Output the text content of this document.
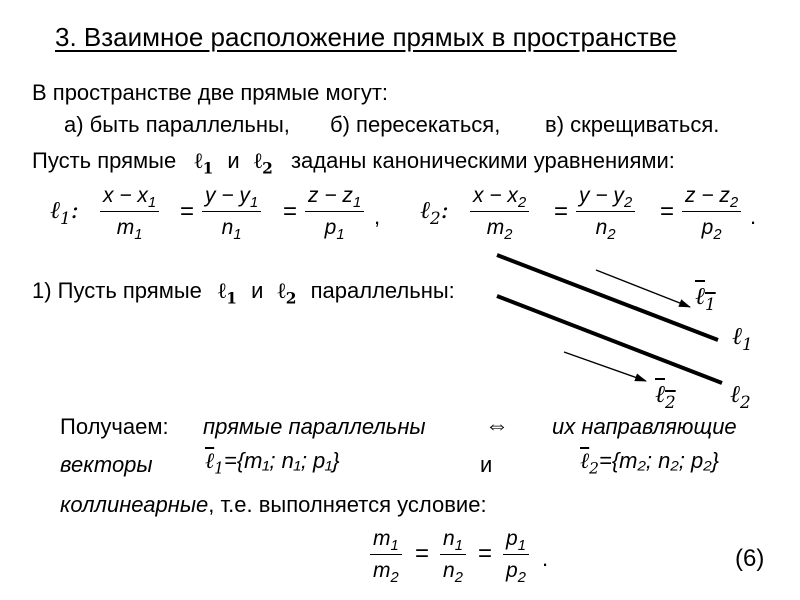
3. Взаимное расположение прямых в пространстве
В пространстве две прямые могут:
а) быть параллельны, б) пересекаться, в) скрещиваться.
Пусть прямые ℓ$_1$ и ℓ$_2$ заданы каноническими уравнениями:
ℓ$_1$: $\frac{x - x_1}{m_1} = \frac{y - y_1}{n_1} = \frac{z - z_1}{p_1}$ , ℓ$_2$: $\frac{x - x_2}{m_2} = \frac{y - y_2}{n_2} = \frac{z - z_2}{p_2}$ .
1) Пусть прямые ℓ$_1$ и ℓ$_2$ параллельны:	ℓ$_1$
ℓ$_1$
ℓ$_2$ ℓ$_2$
Получаем: прямые параллельны ⇔ их направляющие
векторы ℓ$_1$={m₁; n₁; p₁}	и	ℓ$_2$={m₂; n₂; p₂}
коллинеарные, т.е. выполняется условие:
$\frac{m_1}{m_2} = \frac{n_1}{n_2} = \frac{p_1}{p_2}$ .	(6)
